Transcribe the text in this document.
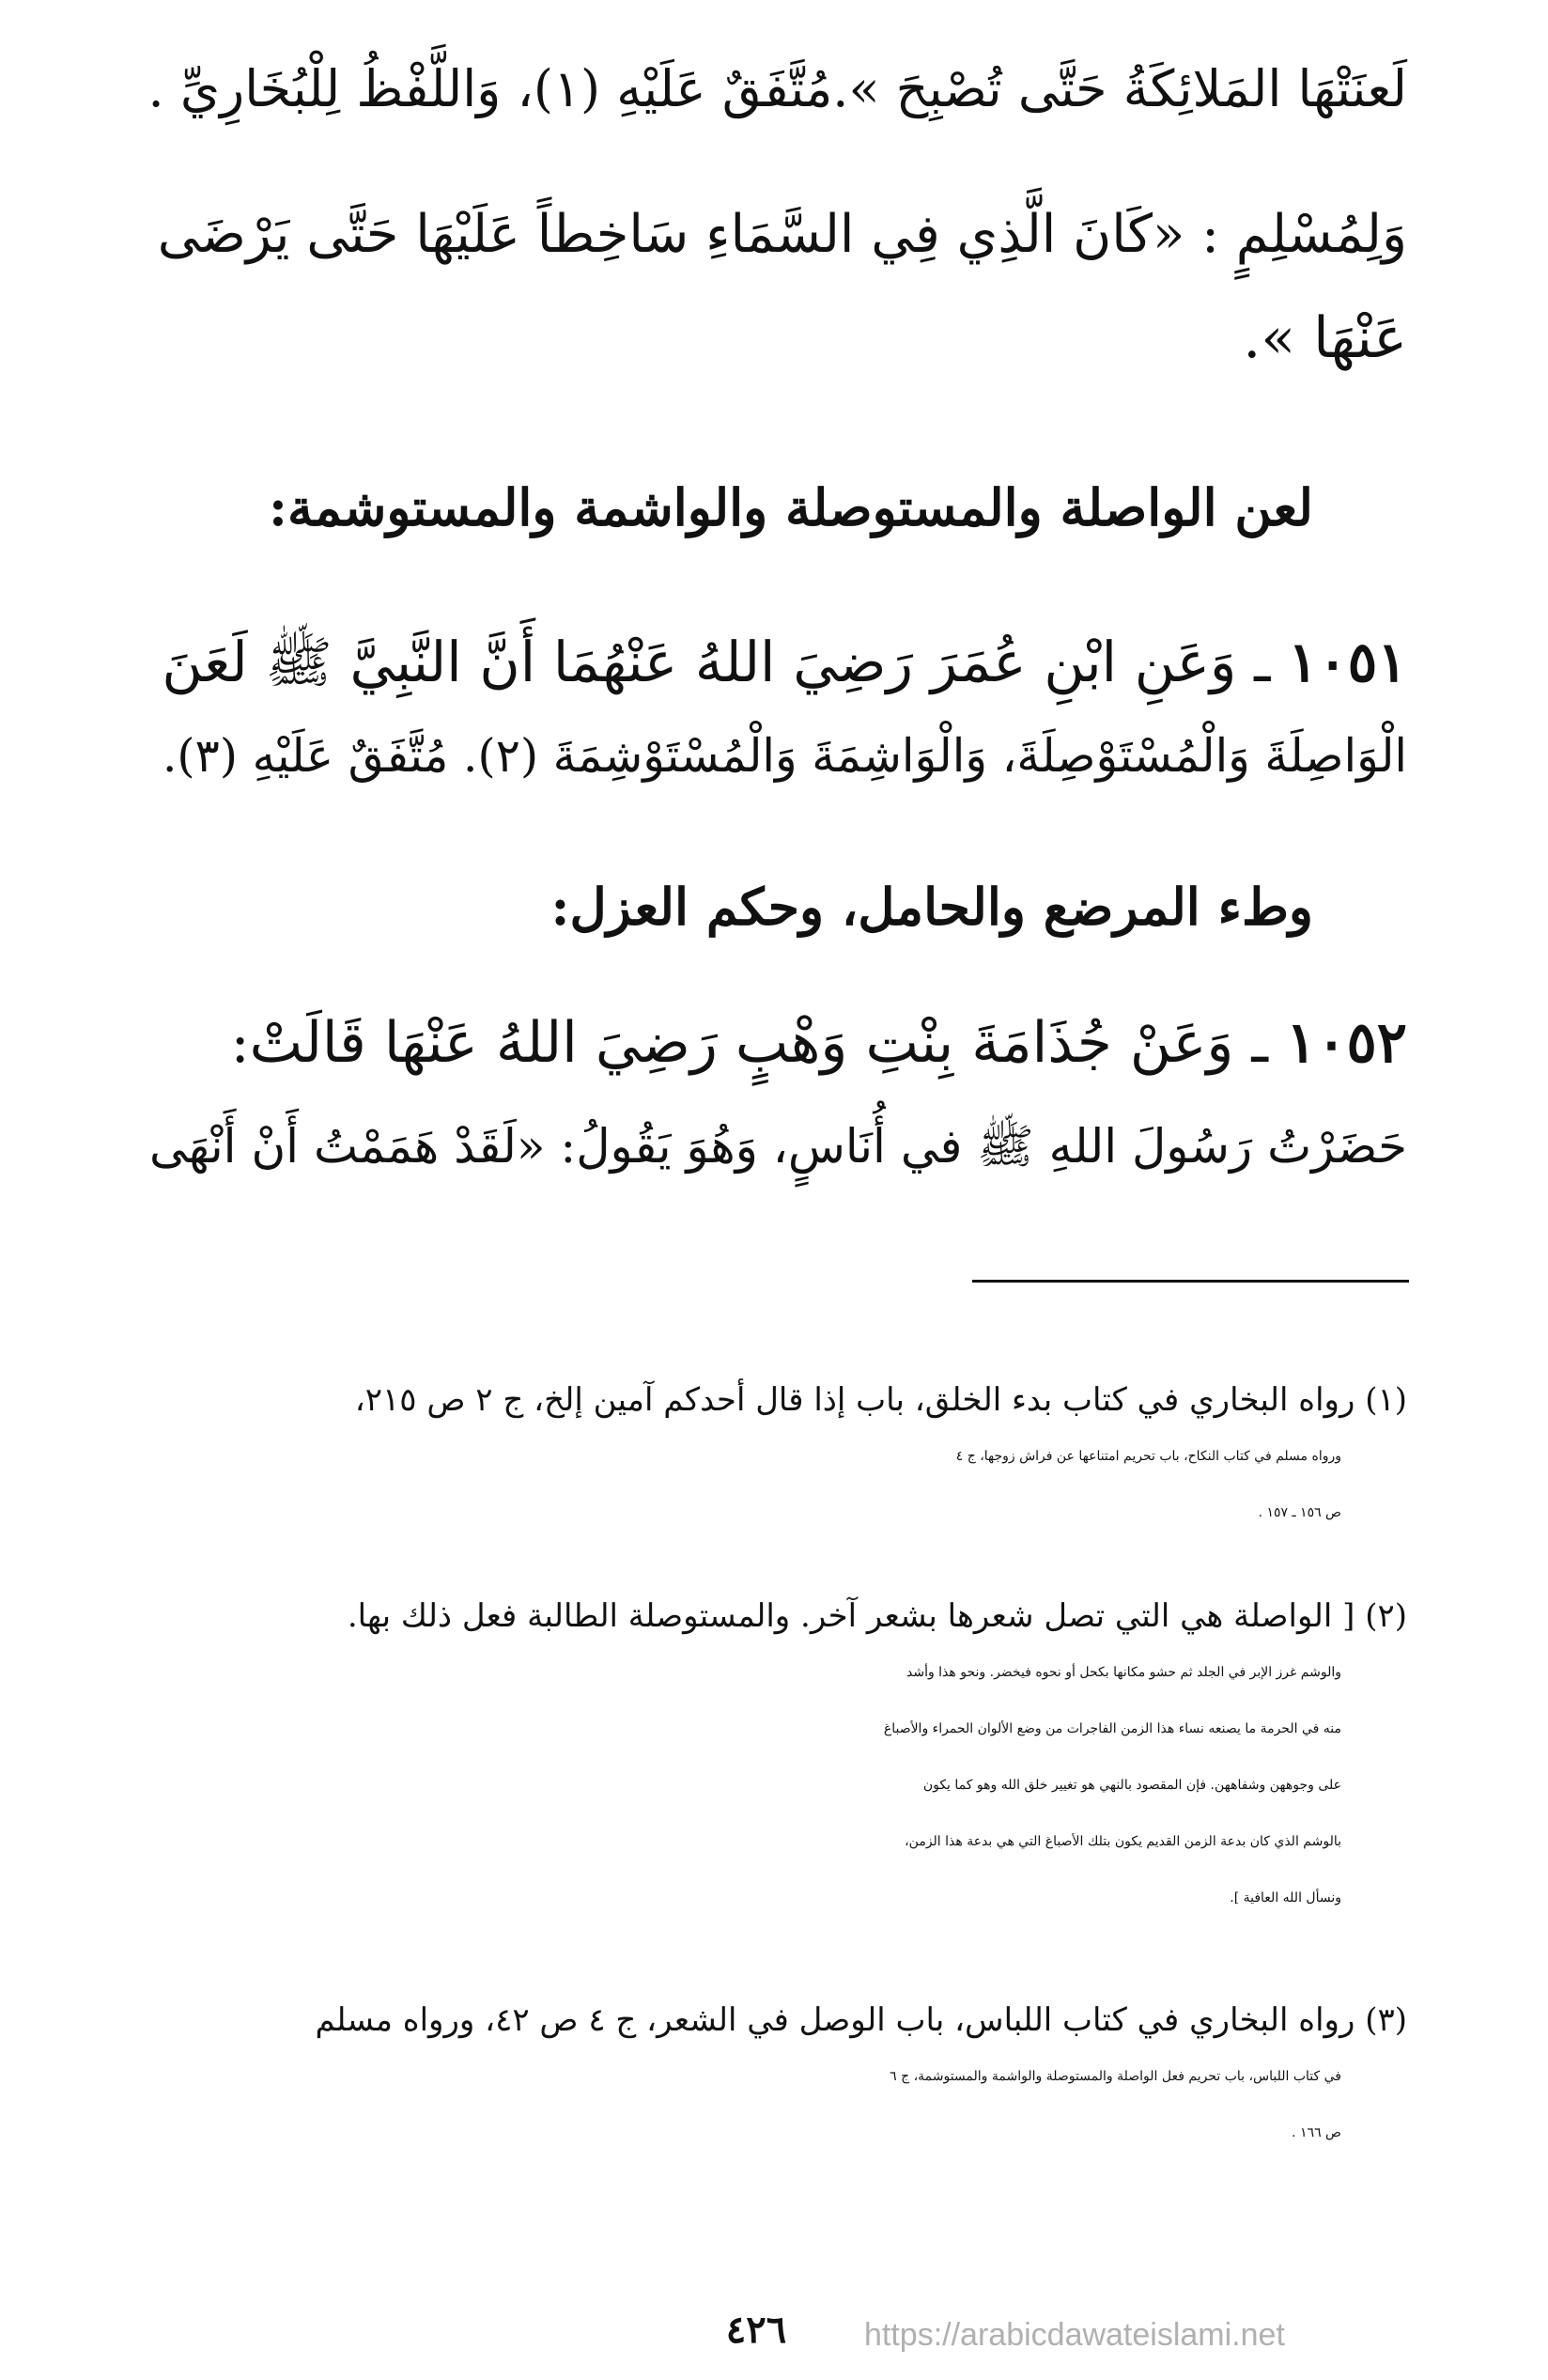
لَعنَتْهَا المَلائِكَةُ حَتَّى تُصْبِحَ ».مُتَّفَقٌ عَلَيْهِ (١)، وَاللَّفْظُ لِلْبُخَارِيِّ .
وَلِمُسْلِمٍ : «كَانَ الَّذِي فِي السَّمَاءِ سَاخِطاً عَلَيْهَا حَتَّى يَرْضَى
عَنْهَا ».
لعن الواصلة والمستوصلة والواشمة والمستوشمة:
١٠٥١ ـ وَعَنِ ابْنِ عُمَرَ رَضِيَ اللهُ عَنْهُمَا أَنَّ النَّبِيَّ ﷺ لَعَنَ
الْوَاصِلَةَ وَالْمُسْتَوْصِلَةَ، وَالْوَاشِمَةَ وَالْمُسْتَوْشِمَةَ (٢). مُتَّفَقٌ عَلَيْهِ (٣).
وطء المرضع والحامل، وحكم العزل:
١٠٥٢ ـ وَعَنْ جُذَامَةَ بِنْتِ وَهْبٍ رَضِيَ اللهُ عَنْهَا قَالَتْ:
حَضَرْتُ رَسُولَ اللهِ ﷺ في أُنَاسٍ، وَهُوَ يَقُولُ: «لَقَدْ هَمَمْتُ أَنْ أَنْهَى
(١) رواه البخاري في كتاب بدء الخلق، باب إذا قال أحدكم آمين إلخ، ج ٢ ص ٢١٥،
ورواه مسلم في كتاب النكاح، باب تحريم امتناعها عن فراش زوجها، ج ٤
ص ١٥٦ ـ ١٥٧ .
(٢) [ الواصلة هي التي تصل شعرها بشعر آخر. والمستوصلة الطالبة فعل ذلك بها.
والوشم غرز الإبر في الجلد ثم حشو مكانها بكحل أو نحوه فيخضر. ونحو هذا وأشد
منه في الحرمة ما يصنعه نساء هذا الزمن الفاجرات من وضع الألوان الحمراء والأصباغ
على وجوههن وشفاههن. فإن المقصود بالنهي هو تغيير خلق الله وهو كما يكون
بالوشم الذي كان بدعة الزمن القديم يكون بتلك الأصباغ التي هي بدعة هذا الزمن،
ونسأل الله العافية ].
(٣) رواه البخاري في كتاب اللباس، باب الوصل في الشعر، ج ٤ ص ٤٢، ورواه مسلم
في كتاب اللباس، باب تحريم فعل الواصلة والمستوصلة والواشمة والمستوشمة، ج ٦
ص ١٦٦ .
٤٢٦	https://arabicdawateislami.net
